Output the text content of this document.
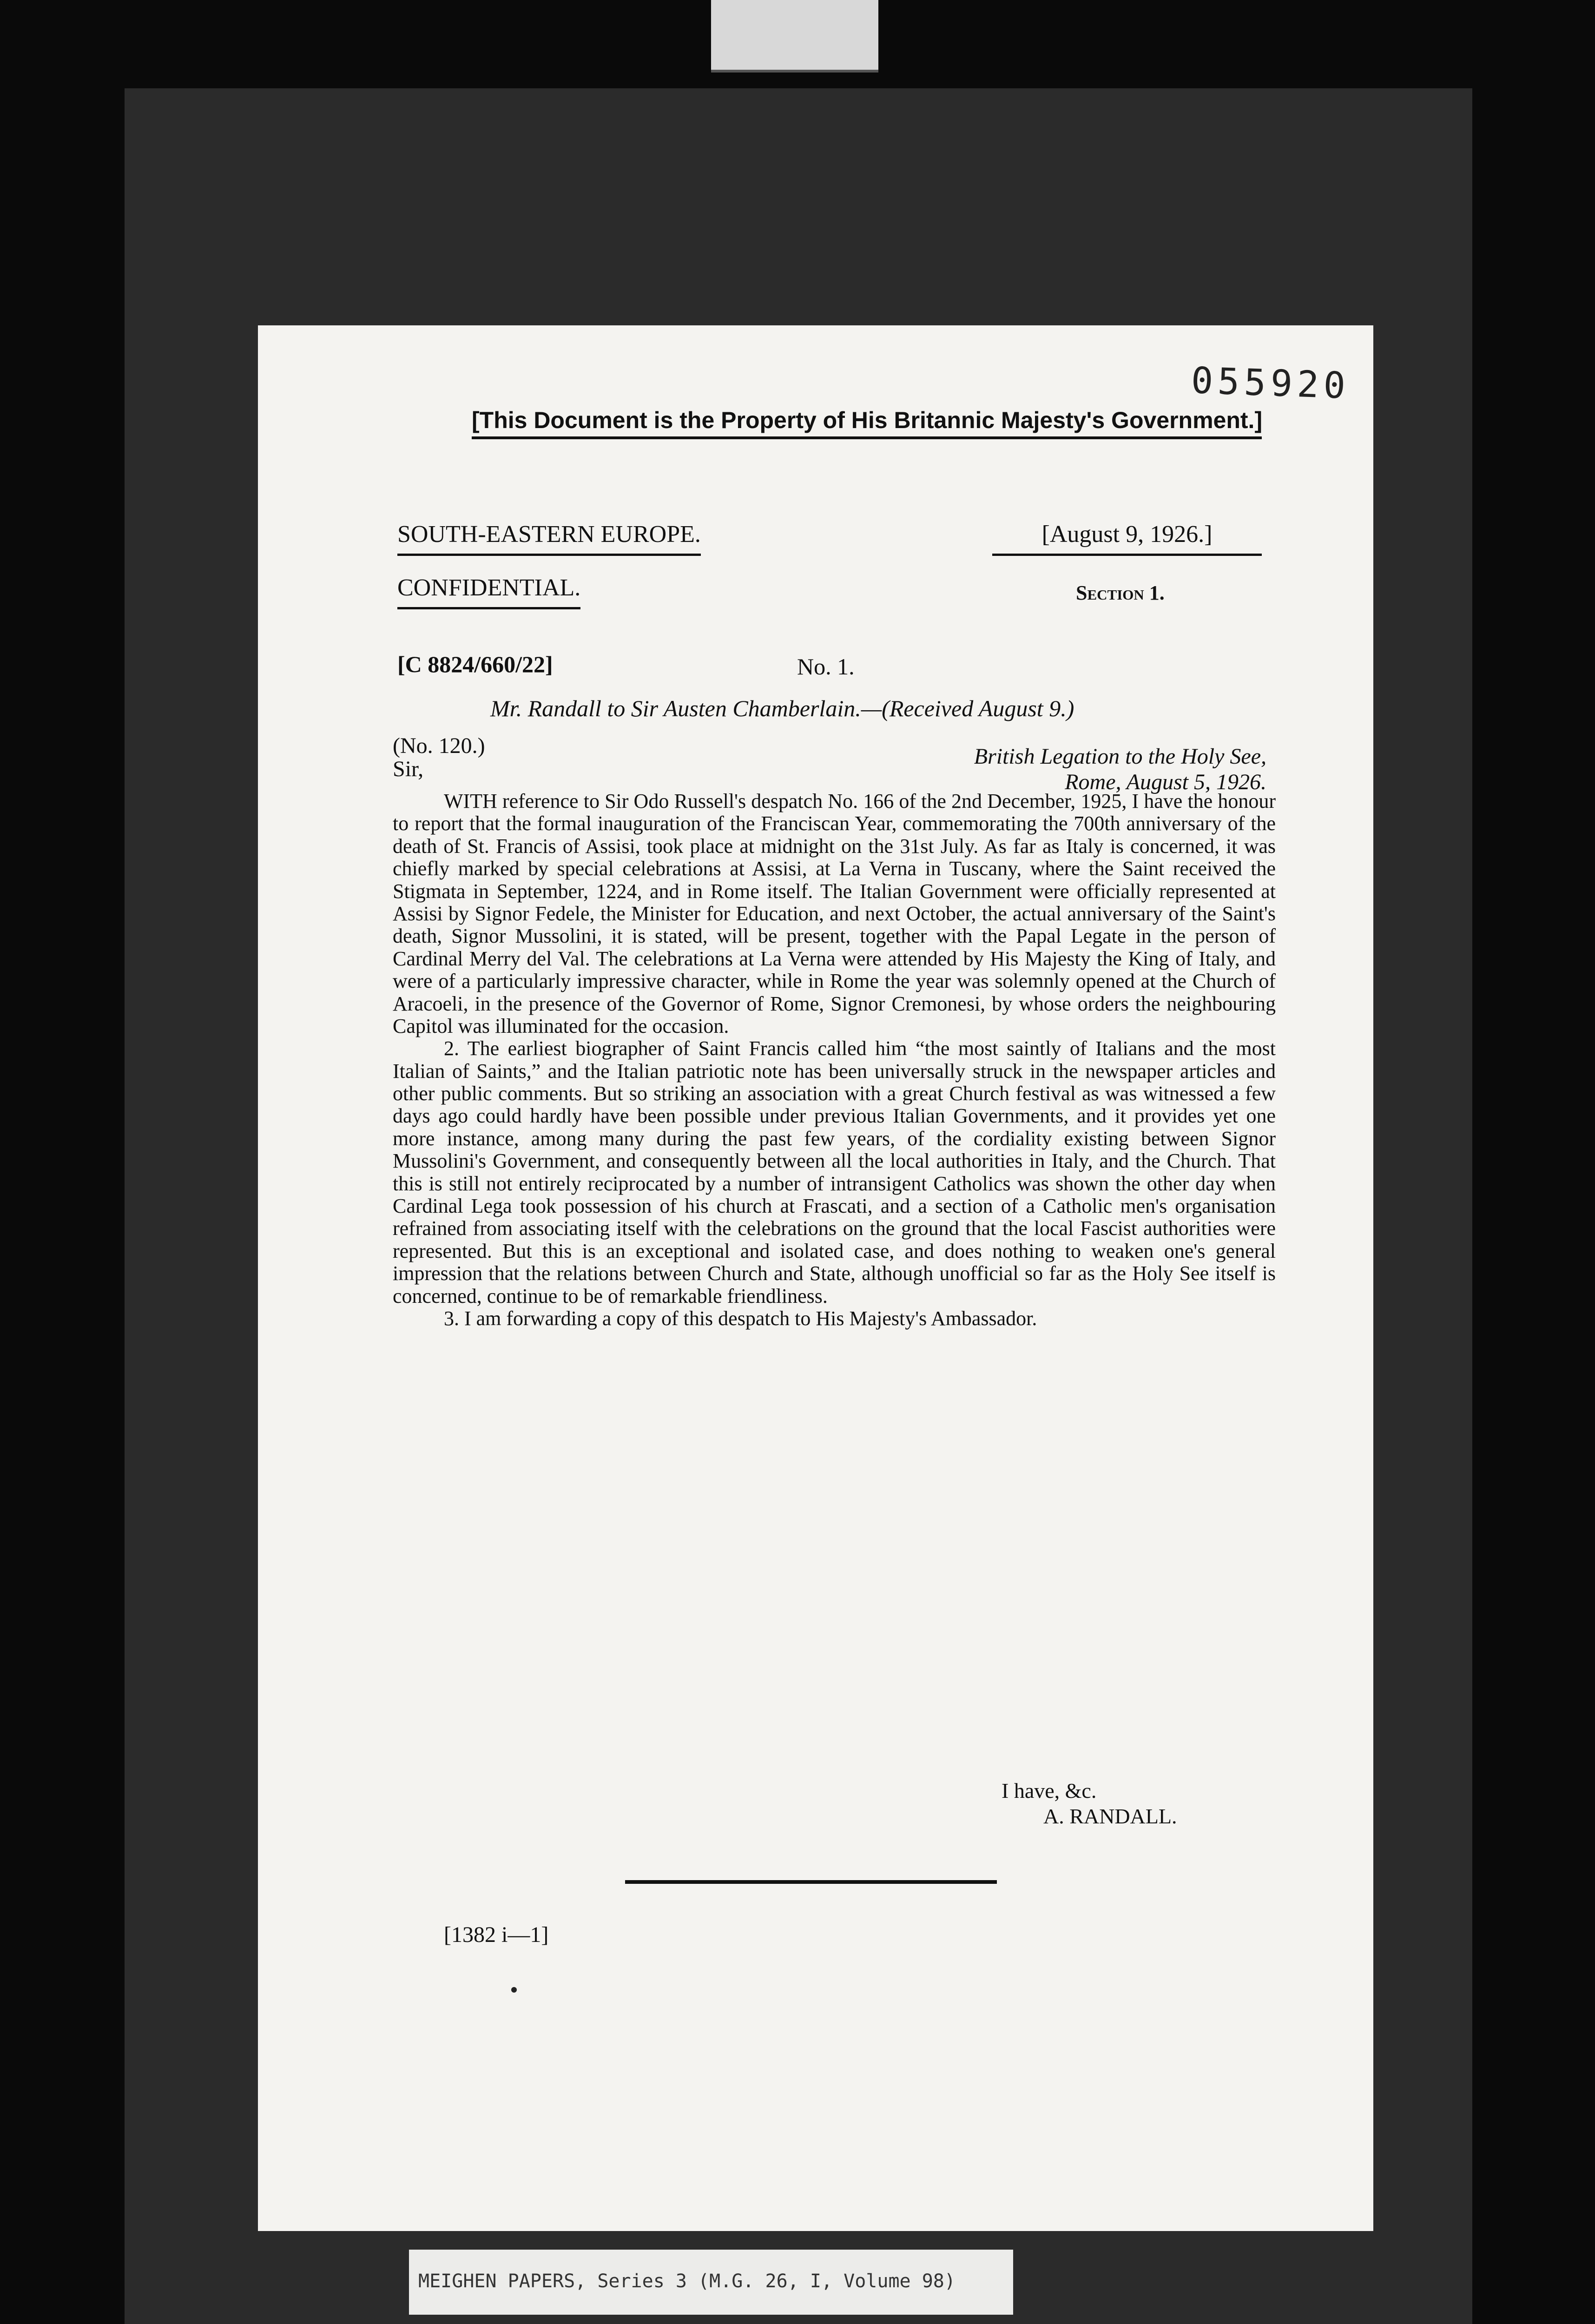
055920
[This Document is the Property of His Britannic Majesty's Government.]
SOUTH-EASTERN EUROPE.	[August 9, 1926.]
CONFIDENTIAL.	Section 1.
[C 8824/660/22]	No. 1.
Mr. Randall to Sir Austen Chamberlain.—(Received August 9.)
(No. 120.)
Sir,
British Legation to the Holy See,
Rome, August 5, 1926.

WITH reference to Sir Odo Russell's despatch No. 166 of the 2nd December, 1925, I have the honour to report that the formal inauguration of the Franciscan Year, commemorating the 700th anniversary of the death of St. Francis of Assisi, took place at midnight on the 31st July. As far as Italy is concerned, it was chiefly marked by special celebrations at Assisi, at La Verna in Tuscany, where the Saint received the Stigmata in September, 1224, and in Rome itself. The Italian Government were officially represented at Assisi by Signor Fedele, the Minister for Education, and next October, the actual anniversary of the Saint's death, Signor Mussolini, it is stated, will be present, together with the Papal Legate in the person of Cardinal Merry del Val. The celebrations at La Verna were attended by His Majesty the King of Italy, and were of a particularly impressive character, while in Rome the year was solemnly opened at the Church of Aracoeli, in the presence of the Governor of Rome, Signor Cremonesi, by whose orders the neighbouring Capitol was illuminated for the occasion.

2. The earliest biographer of Saint Francis called him “the most saintly of Italians and the most Italian of Saints,” and the Italian patriotic note has been universally struck in the newspaper articles and other public comments. But so striking an association with a great Church festival as was witnessed a few days ago could hardly have been possible under previous Italian Governments, and it provides yet one more instance, among many during the past few years, of the cordiality existing between Signor Mussolini's Government, and consequently between all the local authorities in Italy, and the Church. That this is still not entirely reciprocated by a number of intransigent Catholics was shown the other day when Cardinal Lega took possession of his church at Frascati, and a section of a Catholic men's organisation refrained from associating itself with the celebrations on the ground that the local Fascist authorities were represented. But this is an exceptional and isolated case, and does nothing to weaken one's general impression that the relations between Church and State, although unofficial so far as the Holy See itself is concerned, continue to be of remarkable friendliness.

3. I am forwarding a copy of this despatch to His Majesty's Ambassador.

I have, &c.
A. RANDALL.
[1382 i—1]
MEIGHEN PAPERS, Series 3 (M.G. 26, I, Volume 98)
